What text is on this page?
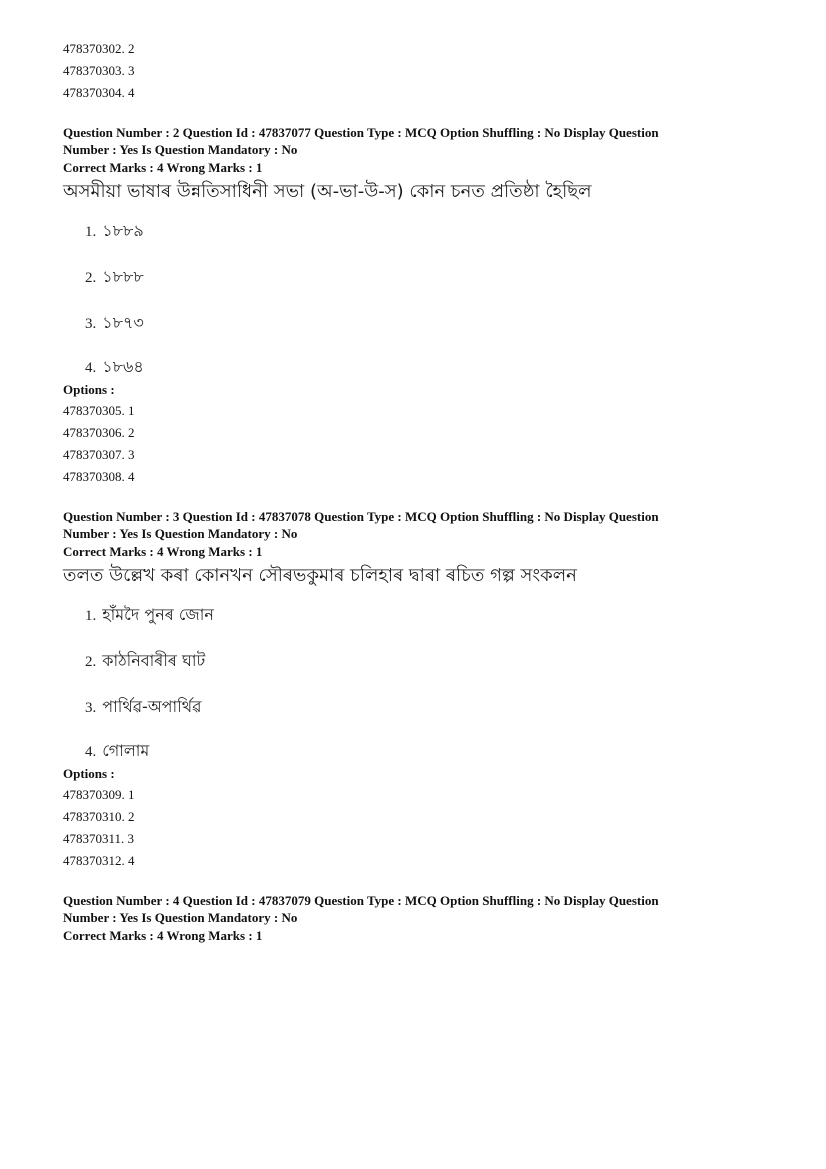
478370302. 2
478370303. 3
478370304. 4
Question Number : 2 Question Id : 47837077 Question Type : MCQ Option Shuffling : No Display Question
Number : Yes Is Question Mandatory : No
Correct Marks : 4 Wrong Marks : 1
অসমীয়া ভাষাৰ উন্নতিসাধিনী সভা (অ-ভা-উ-স) কোন চনত প্ৰতিষ্ঠা হৈছিল
1. ১৮৮৯
2. ১৮৮৮
3. ১৮৭৩
4. ১৮৬৪
Options :
478370305. 1
478370306. 2
478370307. 3
478370308. 4
Question Number : 3 Question Id : 47837078 Question Type : MCQ Option Shuffling : No Display Question
Number : Yes Is Question Mandatory : No
Correct Marks : 4 Wrong Marks : 1
তলত উল্লেখ কৰা কোনখন সৌৰভকুমাৰ চলিহাৰ দ্বাৰা ৰচিত গল্প সংকলন
1. হাঁমদৈ পুনৰ জোন
2. কাঠনিবাৰীৰ ঘাট
3. পাৰ্থিৱ-অপাৰ্থিৱ
4. গোলাম
Options :
478370309. 1
478370310. 2
478370311. 3
478370312. 4
Question Number : 4 Question Id : 47837079 Question Type : MCQ Option Shuffling : No Display Question
Number : Yes Is Question Mandatory : No
Correct Marks : 4 Wrong Marks : 1
